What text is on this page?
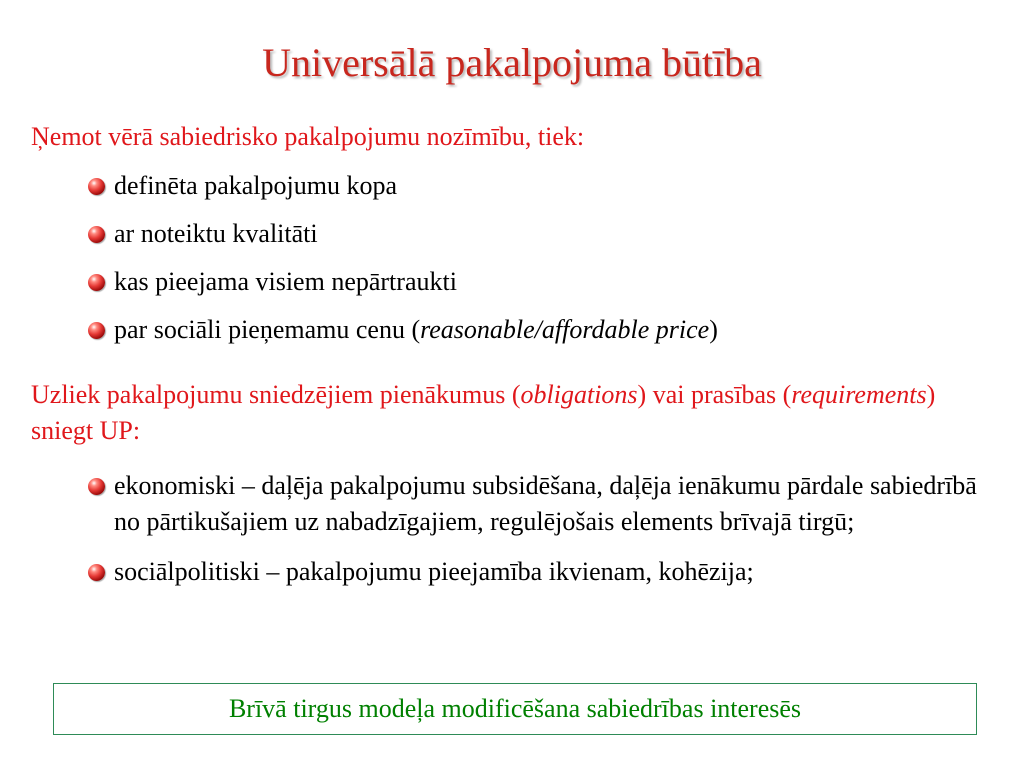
Universālā pakalpojuma būtība

Ņemot vērā sabiedrisko pakalpojumu nozīmību, tiek:

definēta pakalpojumu kopa
ar noteiktu kvalitāti
kas pieejama visiem nepārtraukti
par sociāli pieņemamu cenu (reasonable/affordable price)

Uzliek pakalpojumu sniedzējiem pienākumus (obligations) vai prasības (requirements) sniegt UP:

ekonomiski – daļēja pakalpojumu subsidēšana, daļēja ienākumu pārdale sabiedrībā no pārtikušajiem uz nabadzīgajiem, regulējošais elements brīvajā tirgū;
sociālpolitiski – pakalpojumu pieejamība ikvienam, kohēzija;
Brīvā tirgus modeļa modificēšana sabiedrības interesēs
